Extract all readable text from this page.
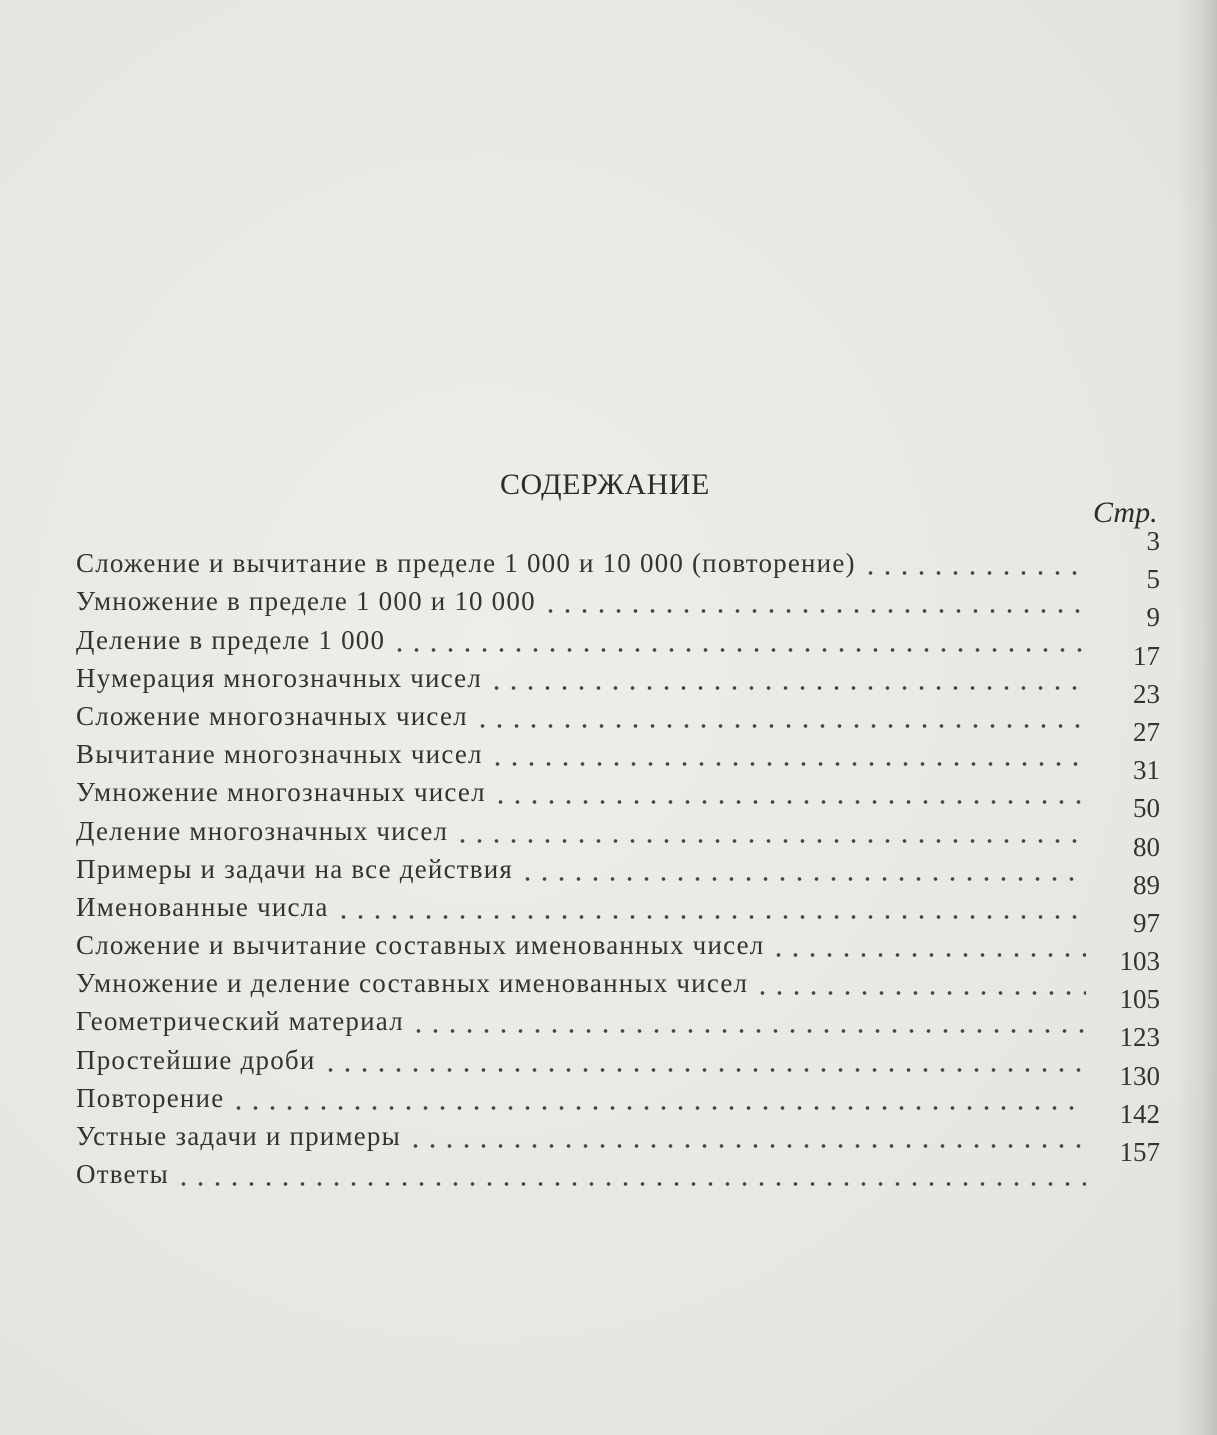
СОДЕРЖАНИЕ
Стр.
Сложение и вычитание в пределе 1 000 и 10 000 (повторение)
3
Умножение в пределе 1 000 и 10 000
5
Деление в пределе 1 000
9
Нумерация многозначных чисел
17
Сложение многозначных чисел
23
Вычитание многозначных чисел
27
Умножение многозначных чисел
31
Деление многозначных чисел
50
Примеры и задачи на все действия
80
Именованные числа
89
Сложение и вычитание составных именованных чисел
97
Умножение и деление составных именованных чисел
103
Геометрический материал
105
Простейшие дроби
123
Повторение
130
Устные задачи и примеры
142
Ответы
157
